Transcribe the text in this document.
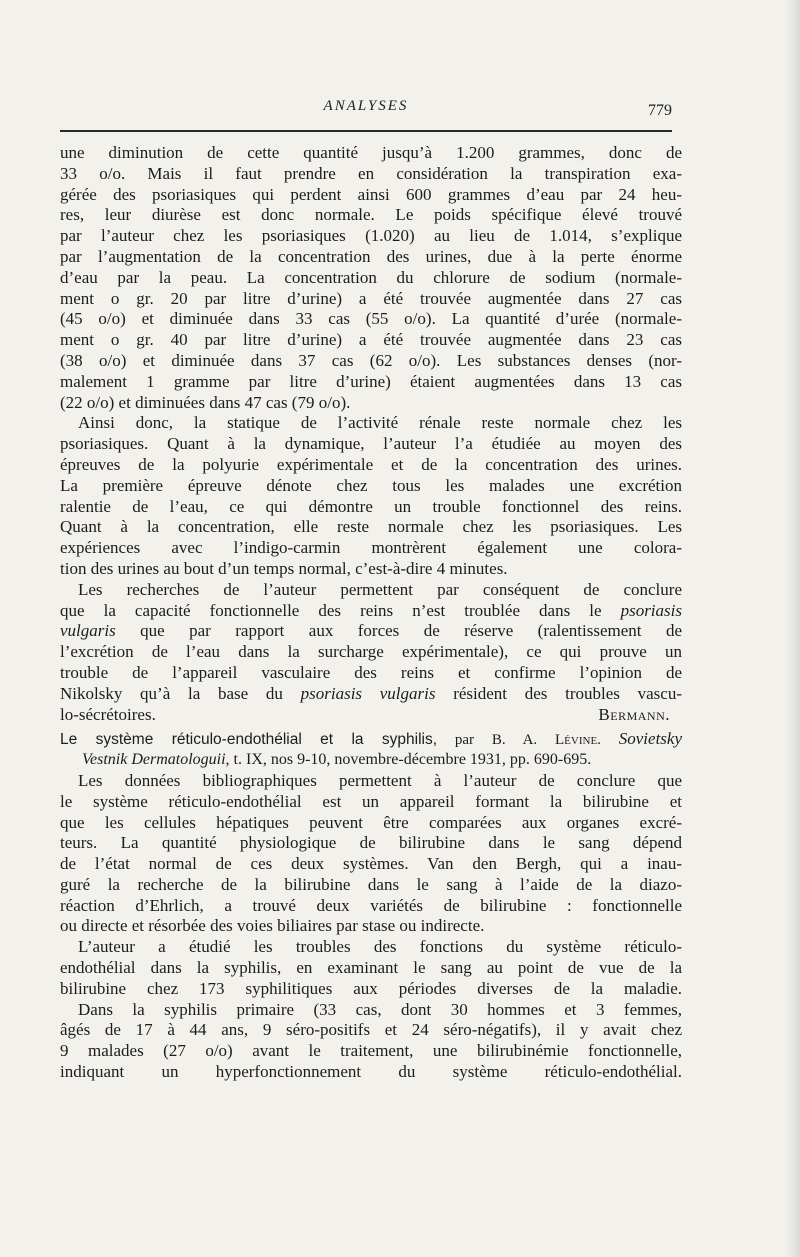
ANALYSES	779
une diminution de cette quantité jusqu’à 1.200 grammes, donc de
33 o/o. Mais il faut prendre en considération la transpiration exa-
gérée des psoriasiques qui perdent ainsi 600 grammes d’eau par 24 heu-
res, leur diurèse est donc normale. Le poids spécifique élevé trouvé
par l’auteur chez les psoriasiques (1.020) au lieu de 1.014, s’explique
par l’augmentation de la concentration des urines, due à la perte énorme
d’eau par la peau. La concentration du chlorure de sodium (normale-
ment o gr. 20 par litre d’urine) a été trouvée augmentée dans 27 cas
(45 o/o) et diminuée dans 33 cas (55 o/o). La quantité d’urée (normale-
ment o gr. 40 par litre d’urine) a été trouvée augmentée dans 23 cas
(38 o/o) et diminuée dans 37 cas (62 o/o). Les substances denses (nor-
malement 1 gramme par litre d’urine) étaient augmentées dans 13 cas
(22 o/o) et diminuées dans 47 cas (79 o/o).
Ainsi donc, la statique de l’activité rénale reste normale chez les
psoriasiques. Quant à la dynamique, l’auteur l’a étudiée au moyen des
épreuves de la polyurie expérimentale et de la concentration des urines.
La première épreuve dénote chez tous les malades une excrétion
ralentie de l’eau, ce qui démontre un trouble fonctionnel des reins.
Quant à la concentration, elle reste normale chez les psoriasiques. Les
expériences avec l’indigo-carmin montrèrent également une colora-
tion des urines au bout d’un temps normal, c’est-à-dire 4 minutes.
Les recherches de l’auteur permettent par conséquent de conclure
que la capacité fonctionnelle des reins n’est troublée dans le psoriasis
vulgaris que par rapport aux forces de réserve (ralentissement de
l’excrétion de l’eau dans la surcharge expérimentale), ce qui prouve un
trouble de l’appareil vasculaire des reins et confirme l’opinion de
Nikolsky qu’à la base du psoriasis vulgaris résident des troubles vascu-
lo-sécrétoires.	Bermann.
Le système réticulo-endothélial et la syphilis, par B. A. Lévine. Sovietsky
Vestnik Dermatologuii, t. IX, nos 9-10, novembre-décembre 1931, pp. 690-695.
Les données bibliographiques permettent à l’auteur de conclure que
le système réticulo-endothélial est un appareil formant la bilirubine et
que les cellules hépatiques peuvent être comparées aux organes excré-
teurs. La quantité physiologique de bilirubine dans le sang dépend
de l’état normal de ces deux systèmes. Van den Bergh, qui a inau-
guré la recherche de la bilirubine dans le sang à l’aide de la diazo-
réaction d’Ehrlich, a trouvé deux variétés de bilirubine : fonctionnelle
ou directe et résorbée des voies biliaires par stase ou indirecte.
L’auteur a étudié les troubles des fonctions du système réticulo-
endothélial dans la syphilis, en examinant le sang au point de vue de la
bilirubine chez 173 syphilitiques aux périodes diverses de la maladie.
Dans la syphilis primaire (33 cas, dont 30 hommes et 3 femmes,
âgés de 17 à 44 ans, 9 séro-positifs et 24 séro-négatifs), il y avait chez
9 malades (27 o/o) avant le traitement, une bilirubinémie fonctionnelle,
indiquant un hyperfonctionnement du système réticulo-endothélial.
